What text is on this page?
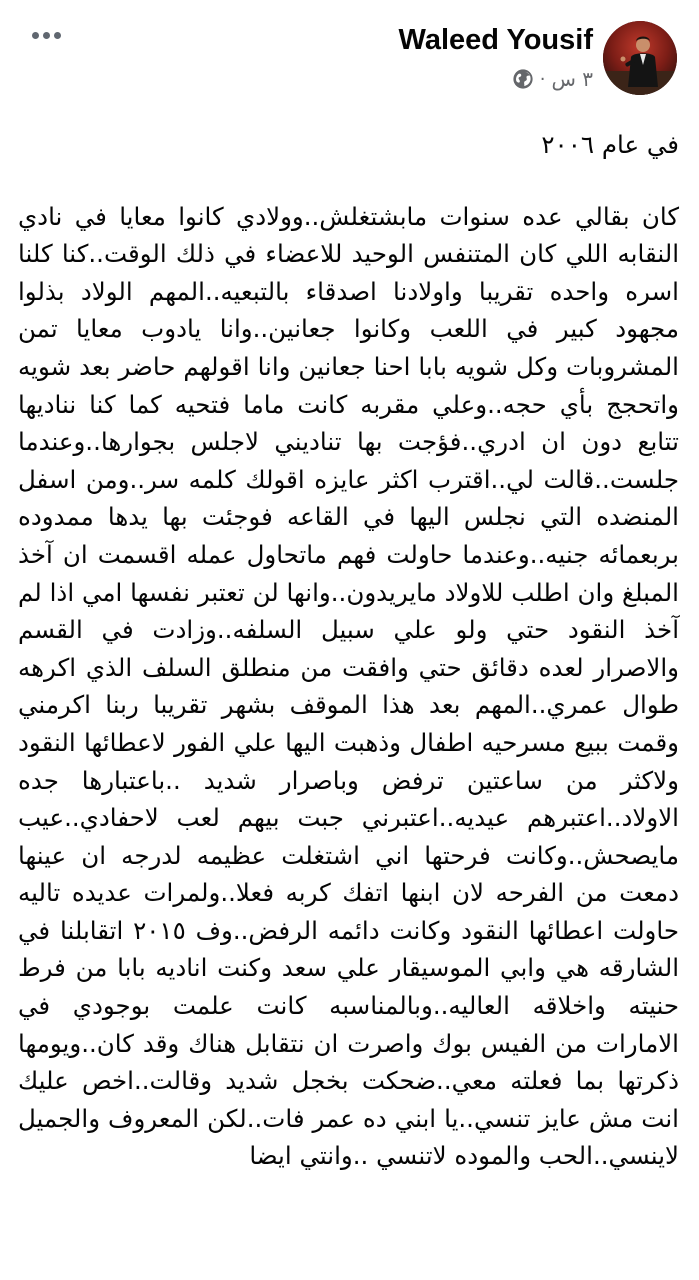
Waleed Yousif
· ٣ س

في عام ٢٠٠٦

كان بقالي عده سنوات مابشتغلش..وولادي كانوا معايا في نادي النقابه اللي كان المتنفس الوحيد للاعضاء في ذلك الوقت..كنا كلنا اسره واحده تقريبا واولادنا اصدقاء بالتبعيه..المهم الولاد بذلوا مجهود كبير في اللعب وكانوا جعانين..وانا يادوب معايا تمن المشروبات وكل شويه بابا احنا جعانين وانا اقولهم حاضر بعد شويه واتحجج بأي حجه..وعلي مقربه كانت ماما فتحيه كما كنا نناديها تتابع دون ان ادري..فؤجت بها تناديني لاجلس بجوارها..وعندما جلست..قالت لي..اقترب اكثر عايزه اقولك كلمه سر..ومن اسفل المنضده التي نجلس اليها في القاعه فوجئت بها يدها ممدوده بربعمائه جنيه..وعندما حاولت فهم ماتحاول عمله اقسمت ان آخذ المبلغ وان اطلب للاولاد مايريدون..وانها لن تعتبر نفسها امي اذا لم آخذ النقود حتي ولو علي سبيل السلفه..وزادت في القسم والاصرار لعده دقائق حتي وافقت من منطلق السلف الذي اكرهه طوال عمري..المهم بعد هذا الموقف بشهر تقريبا ربنا اكرمني وقمت ببيع مسرحيه اطفال وذهبت اليها علي الفور لاعطائها النقود ولاكثر من ساعتين ترفض وباصرار شديد ..باعتبارها جده الاولاد..اعتبرهم عيديه..اعتبرني جبت بيهم لعب لاحفادي..عيب مايصحش..وكانت فرحتها اني اشتغلت عظيمه لدرجه ان عينها دمعت من الفرحه لان ابنها اتفك كربه فعلا..ولمرات عديده تاليه حاولت اعطائها النقود وكانت دائمه الرفض..وف ٢٠١٥ اتقابلنا في الشارقه هي وابي الموسيقار علي سعد وكنت اناديه بابا من فرط حنيته واخلاقه العاليه..وبالمناسبه كانت علمت بوجودي في الامارات من الفيس بوك واصرت ان نتقابل هناك وقد كان..ويومها ذكرتها بما فعلته معي..ضحكت بخجل شديد وقالت..اخص عليك انت مش عايز تنسي..يا ابني ده عمر فات..لكن المعروف والجميل لاينسي..الحب والموده لاتنسي ..وانتي ايضا
